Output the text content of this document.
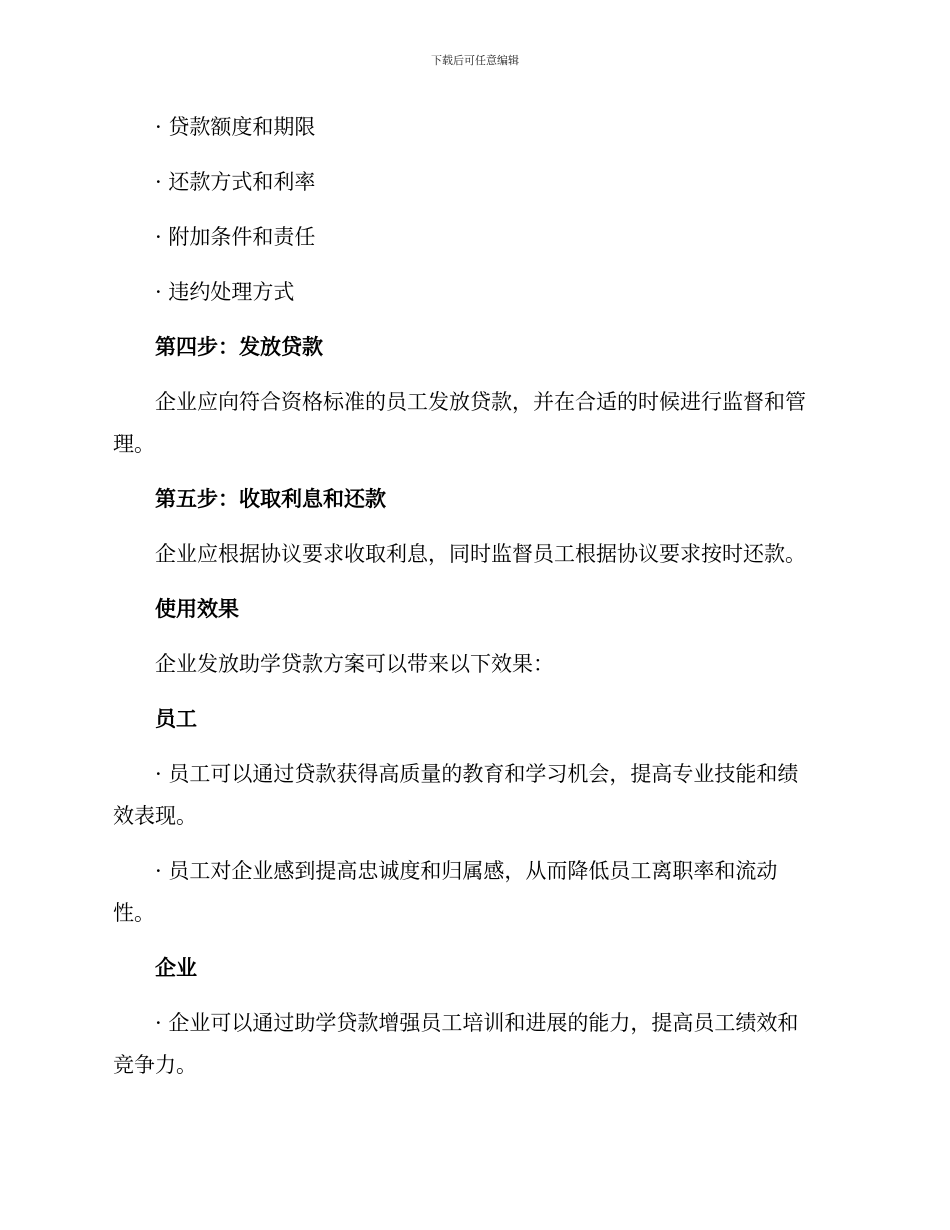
下载后可任意编辑
· 贷款额度和期限
· 还款方式和利率
· 附加条件和责任
· 违约处理方式
第四步：发放贷款
企业应向符合资格标准的员工发放贷款，并在合适的时候进行监督和管
理。
第五步：收取利息和还款
企业应根据协议要求收取利息，同时监督员工根据协议要求按时还款。
使用效果
企业发放助学贷款方案可以带来以下效果：
员工
· 员工可以通过贷款获得高质量的教育和学习机会，提高专业技能和绩
效表现。
· 员工对企业感到提高忠诚度和归属感，从而降低员工离职率和流动
性。
企业
· 企业可以通过助学贷款增强员工培训和进展的能力，提高员工绩效和
竞争力。
